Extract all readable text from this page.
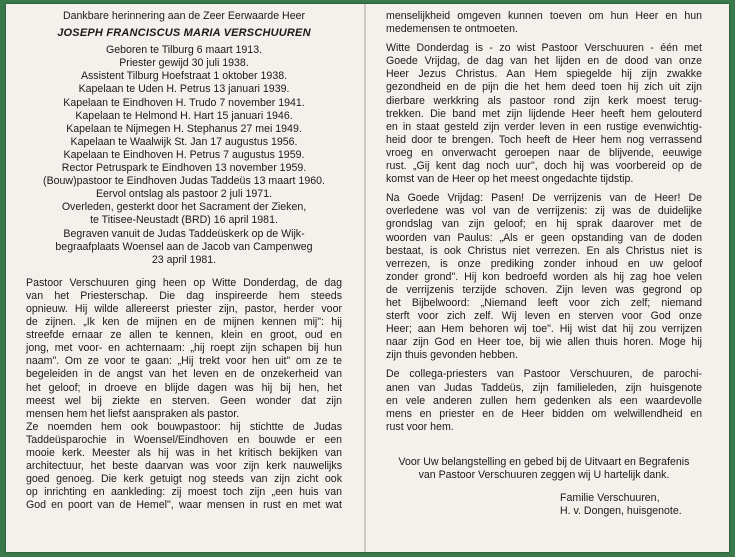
Dankbare herinnering aan de Zeer Eerwaarde Heer
JOSEPH FRANCISCUS MARIA VERSCHUUREN
Geboren te Tilburg 6 maart 1913.
Priester gewijd 30 juli 1938.
Assistent Tilburg Hoefstraat 1 oktober 1938.
Kapelaan te Uden H. Petrus 13 januari 1939.
Kapelaan te Eindhoven H. Trudo 7 november 1941.
Kapelaan te Helmond H. Hart 15 januari 1946.
Kapelaan te Nijmegen H. Stephanus 27 mei 1949.
Kapelaan te Waalwijk St. Jan 17 augustus 1956.
Kapelaan te Eindhoven H. Petrus 7 augustus 1959.
Rector Petruspark te Eindhoven 13 november 1959.
(Bouw)pastoor te Eindhoven Judas Taddeüs 13 maart 1960.
Eervol ontslag als pastoor 2 juli 1971.
Overleden, gesterkt door het Sacrament der Zieken,
te Titisee-Neustadt (BRD) 16 april 1981.
Begraven vanuit de Judas Taddeüskerk op de Wijk-
begraafplaats Woensel aan de Jacob van Campenweg
23 april 1981.
Pastoor Verschuuren ging heen op Witte Donderdag, de dag
van het Priesterschap. Die dag inspireerde hem steeds
opnieuw. Hij wilde allereerst priester zijn, pastor, herder voor
de zijnen. „Ik ken de mijnen en de mijnen kennen mij": hij
streefde ernaar ze allen te kennen, klein en groot, oud en
jong, met voor- en achternaam: „hij roept zijn schapen bij hun
naam". Om ze voor te gaan: „Hij trekt voor hen uit" om ze te
begeleiden in de angst van het leven en de onzekerheid van
het geloof; in droeve en blijde dagen was hij bij hen, het
meest wel bij ziekte en sterven. Geen wonder dat zijn
mensen hem het liefst aanspraken als pastor.
Ze noemden hem ook bouwpastoor: hij stichtte de Judas
Taddeüsparochie in Woensel/Eindhoven en bouwde er een
mooie kerk. Meester als hij was in het kritisch bekijken van
architectuur, het beste daarvan was voor zijn kerk nauwelijks
goed genoeg. Die kerk getuigt nog steeds van zijn zicht ook
op inrichting en aankleding: zij moest toch zijn „een huis van
God en poort van de Hemel", waar mensen in rust en met wat
menselijkheid omgeven kunnen toeven om hun Heer en hun
medemensen te ontmoeten.
Witte Donderdag is - zo wist Pastoor Verschuuren - één met
Goede Vrijdag, de dag van het lijden en de dood van onze
Heer Jezus Christus. Aan Hem spiegelde hij zijn zwakke
gezondheid en de pijn die het hem deed toen hij zich uit zijn
dierbare werkkring als pastoor rond zijn kerk moest terug-
trekken. Die band met zijn lijdende Heer heeft hem gelouterd
en in staat gesteld zijn verder leven in een rustige evenwichtig-
heid door te brengen. Toch heeft de Heer hem nog verrassend
vroeg en onverwacht geroepen naar de blijvende, eeuwige
rust. „Gij kent dag noch uur", doch hij was voorbereid op de
komst van de Heer op het meest ongedachte tijdstip.
Na Goede Vrijdag: Pasen! De verrijzenis van de Heer! De
overledene was vol van de verrijzenis: zij was de duidelijke
grondslag van zijn geloof; en hij sprak daarover met de
woorden van Paulus: „Als er geen opstanding van de doden
bestaat, is ook Christus niet verrezen. En als Christus niet is
verrezen, is onze prediking zonder inhoud en uw geloof
zonder grond". Hij kon bedroefd worden als hij zag hoe velen
de verrijzenis terzijde schoven. Zijn leven was gegrond op
het Bijbelwoord: „Niemand leeft voor zich zelf; niemand
sterft voor zich zelf. Wij leven en sterven voor God onze
Heer; aan Hem behoren wij toe". Hij wist dat hij zou verrijzen
naar zijn God en Heer toe, bij wie allen thuis horen. Moge hij
zijn thuis gevonden hebben.
De collega-priesters van Pastoor Verschuuren, de parochi-
anen van Judas Taddeüs, zijn familieleden, zijn huisgenote
en vele anderen zullen hem gedenken als een waardevolle
mens en priester en de Heer bidden om welwillendheid en
rust voor hem.
Voor Uw belangstelling en gebed bij de Uitvaart en Begrafenis
van Pastoor Verschuuren zeggen wij U hartelijk dank.
Familie Verschuuren,
H. v. Dongen, huisgenote.
